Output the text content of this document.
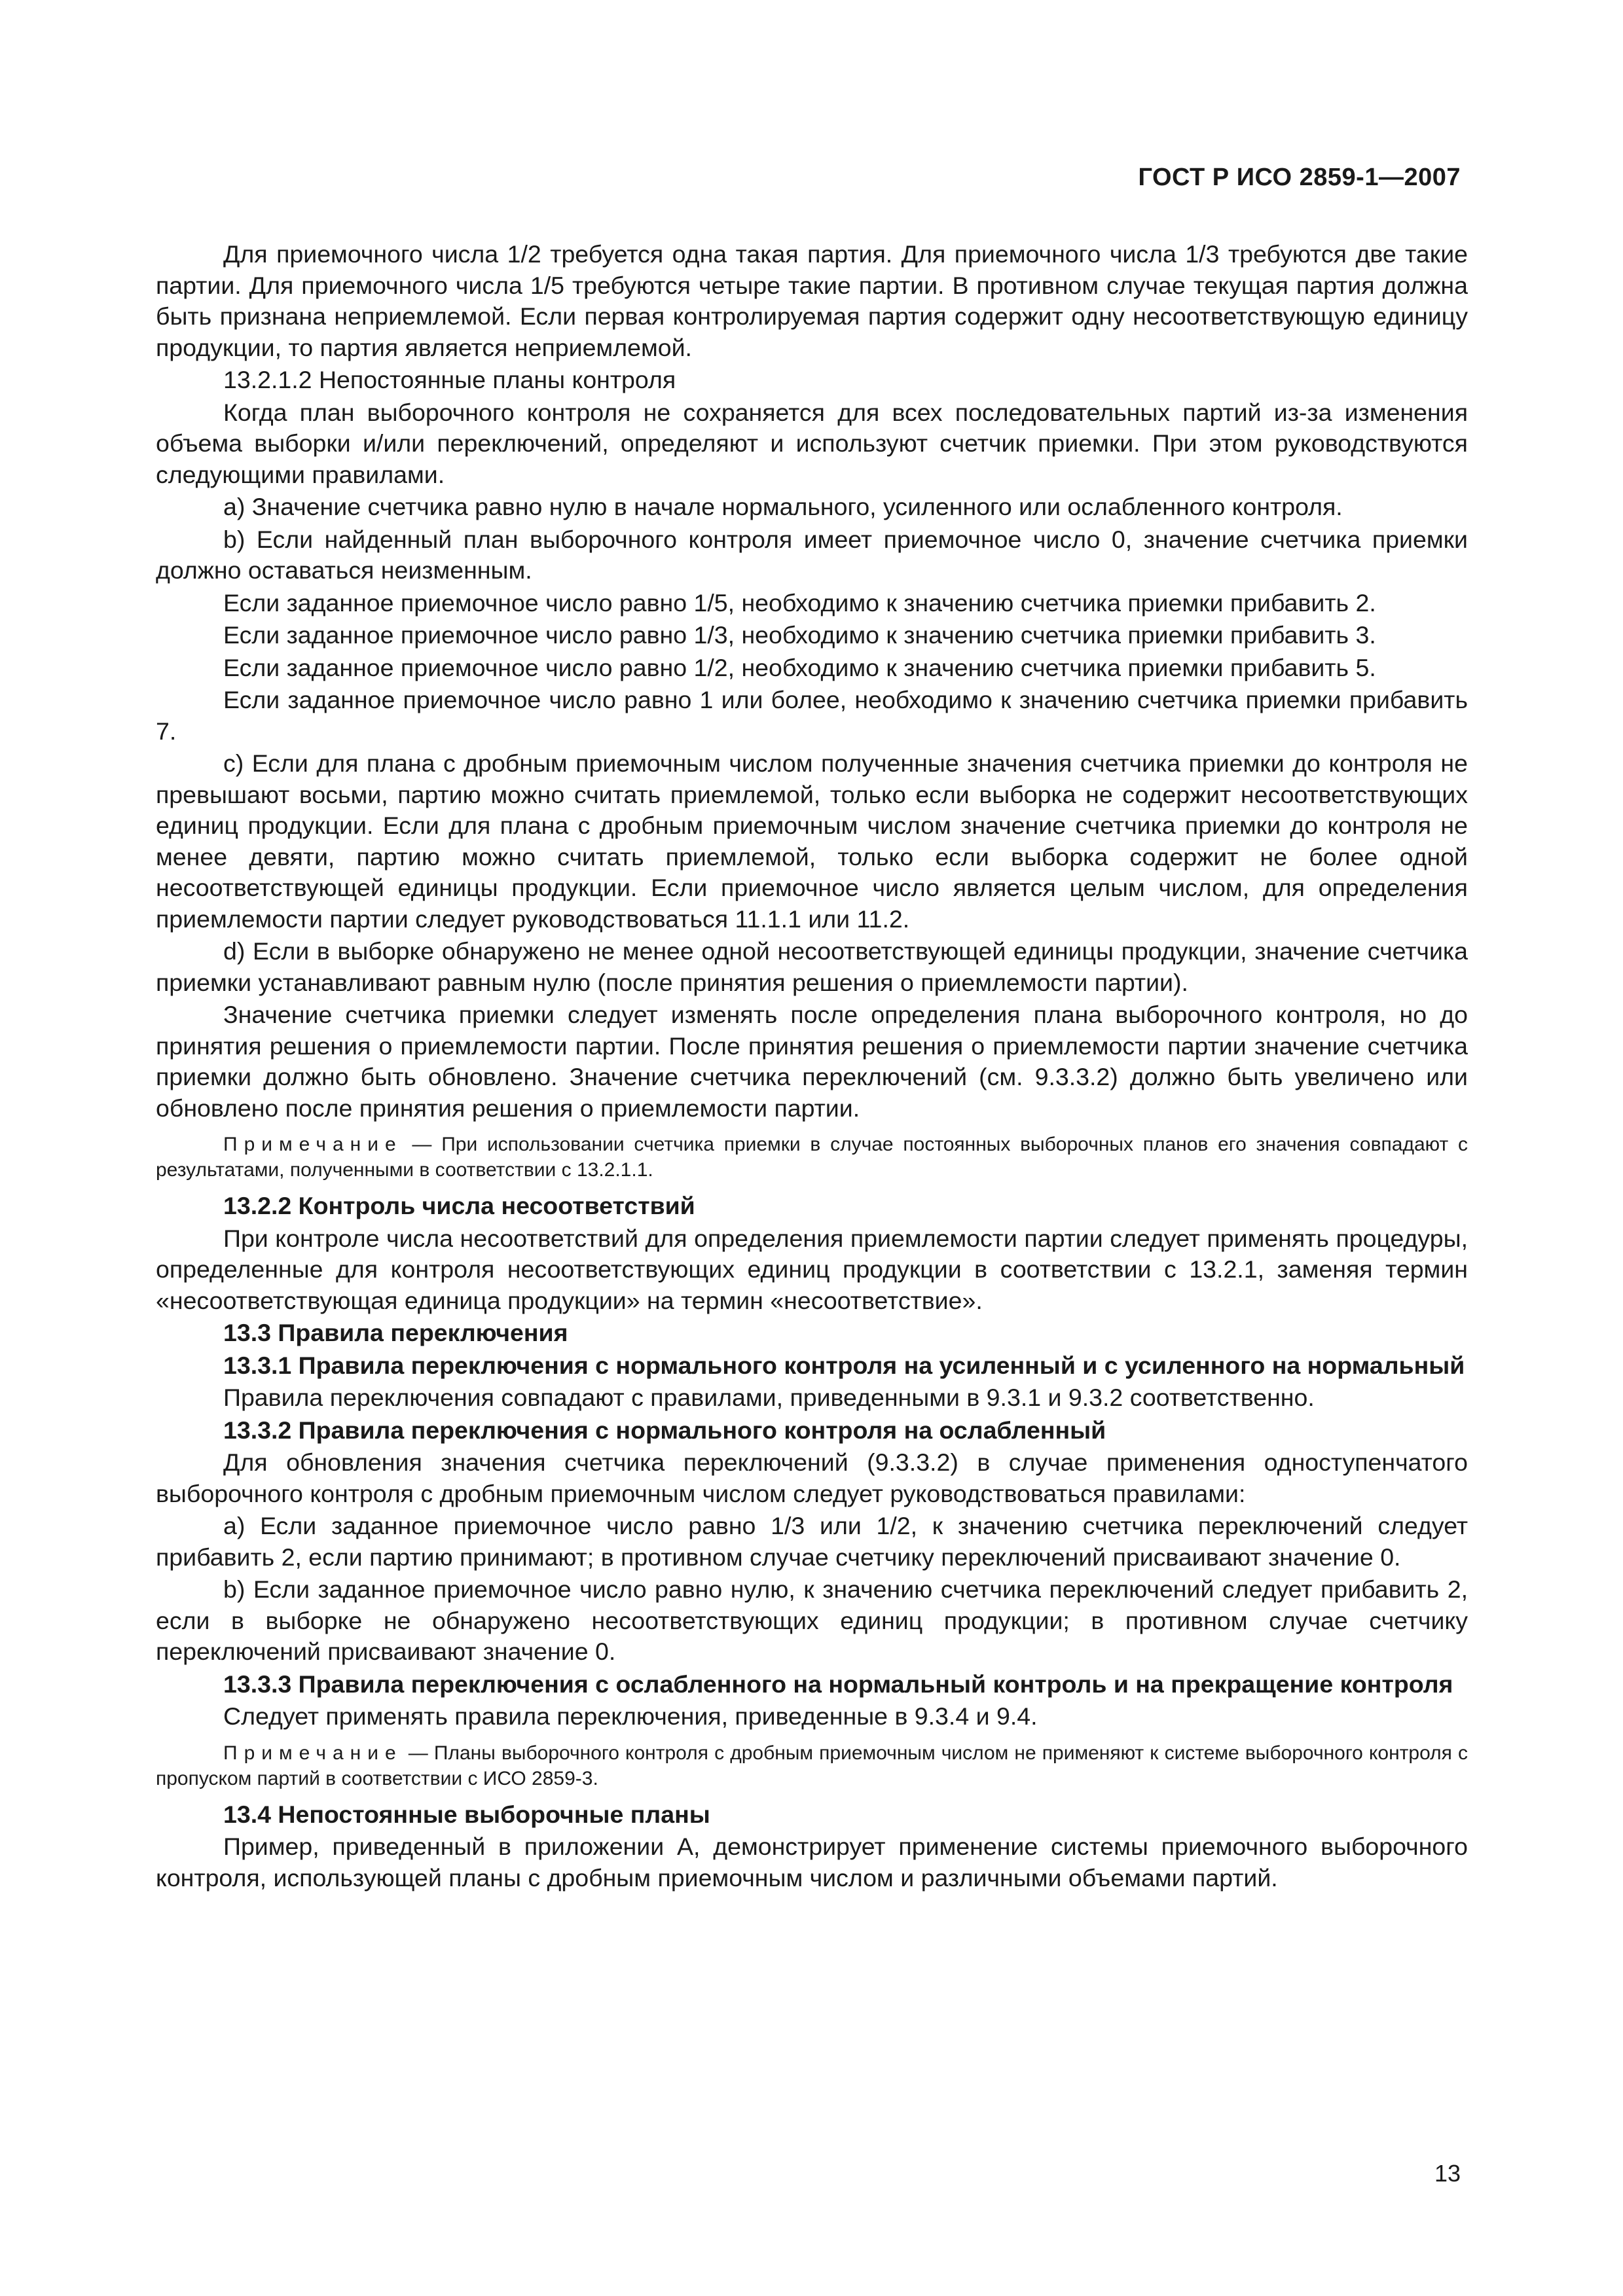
ГОСТ Р ИСО 2859-1—2007

Для приемочного числа 1/2 требуется одна такая партия. Для приемочного числа 1/3 требуются две такие партии. Для приемочного числа 1/5 требуются четыре такие партии. В противном случае текущая партия должна быть признана неприемлемой. Если первая контролируемая партия содержит одну несоответствующую единицу продукции, то партия является неприемлемой.

13.2.1.2 Непостоянные планы контроля

Когда план выборочного контроля не сохраняется для всех последовательных партий из-за изменения объема выборки и/или переключений, определяют и используют счетчик приемки. При этом руководствуются следующими правилами.

a) Значение счетчика равно нулю в начале нормального, усиленного или ослабленного контроля.

b) Если найденный план выборочного контроля имеет приемочное число 0, значение счетчика приемки должно оставаться неизменным.

Если заданное приемочное число равно 1/5, необходимо к значению счетчика приемки прибавить 2.

Если заданное приемочное число равно 1/3, необходимо к значению счетчика приемки прибавить 3.

Если заданное приемочное число равно 1/2, необходимо к значению счетчика приемки прибавить 5.

Если заданное приемочное число равно 1 или более, необходимо к значению счетчика приемки прибавить 7.

c) Если для плана с дробным приемочным числом полученные значения счетчика приемки до контроля не превышают восьми, партию можно считать приемлемой, только если выборка не содержит несоответствующих единиц продукции. Если для плана с дробным приемочным числом значение счетчика приемки до контроля не менее девяти, партию можно считать приемлемой, только если выборка содержит не более одной несоответствующей единицы продукции. Если приемочное число является целым числом, для определения приемлемости партии следует руководствоваться 11.1.1 или 11.2.

d) Если в выборке обнаружено не менее одной несоответствующей единицы продукции, значение счетчика приемки устанавливают равным нулю (после принятия решения о приемлемости партии).

Значение счетчика приемки следует изменять после определения плана выборочного контроля, но до принятия решения о приемлемости партии. После принятия решения о приемлемости партии значение счетчика приемки должно быть обновлено. Значение счетчика переключений (см. 9.3.3.2) должно быть увеличено или обновлено после принятия решения о приемлемости партии.

Примечание — При использовании счетчика приемки в случае постоянных выборочных планов его значения совпадают с результатами, полученными в соответствии с 13.2.1.1.

13.2.2 Контроль числа несоответствий

При контроле числа несоответствий для определения приемлемости партии следует применять процедуры, определенные для контроля несоответствующих единиц продукции в соответствии с 13.2.1, заменяя термин «несоответствующая единица продукции» на термин «несоответствие».

13.3 Правила переключения

13.3.1 Правила переключения с нормального контроля на усиленный и с усиленного на нормальный

Правила переключения совпадают с правилами, приведенными в 9.3.1 и 9.3.2 соответственно.

13.3.2 Правила переключения с нормального контроля на ослабленный

Для обновления значения счетчика переключений (9.3.3.2) в случае применения одноступенчатого выборочного контроля с дробным приемочным числом следует руководствоваться правилами:

a) Если заданное приемочное число равно 1/3 или 1/2, к значению счетчика переключений следует прибавить 2, если партию принимают; в противном случае счетчику переключений присваивают значение 0.

b) Если заданное приемочное число равно нулю, к значению счетчика переключений следует прибавить 2, если в выборке не обнаружено несоответствующих единиц продукции; в противном случае счетчику переключений присваивают значение 0.

13.3.3 Правила переключения с ослабленного на нормальный контроль и на прекращение контроля

Следует применять правила переключения, приведенные в 9.3.4 и 9.4.

Примечание — Планы выборочного контроля с дробным приемочным числом не применяют к системе выборочного контроля с пропуском партий в соответствии с ИСО 2859-3.

13.4 Непостоянные выборочные планы

Пример, приведенный в приложении А, демонстрирует применение системы приемочного выборочного контроля, использующей планы с дробным приемочным числом и различными объемами партий.

13
